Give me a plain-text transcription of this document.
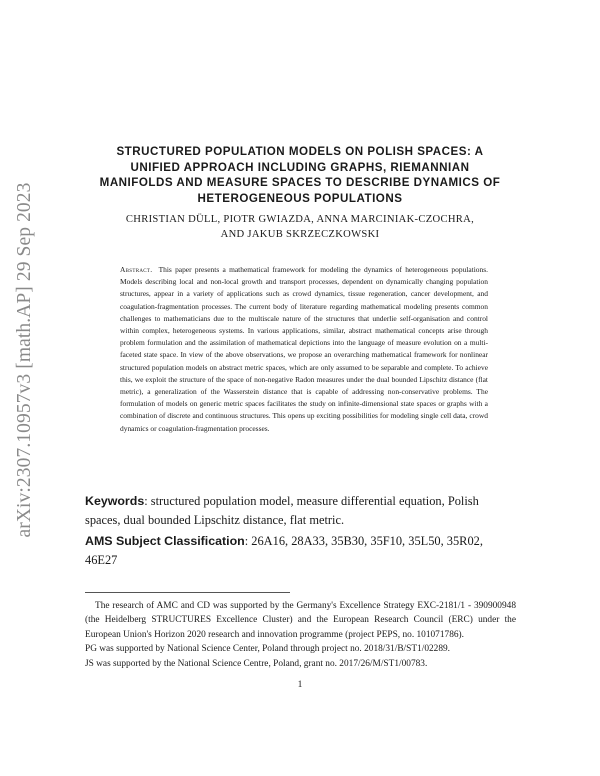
arXiv:2307.10957v3 [math.AP] 29 Sep 2023
STRUCTURED POPULATION MODELS ON POLISH SPACES: A
UNIFIED APPROACH INCLUDING GRAPHS, RIEMANNIAN
MANIFOLDS AND MEASURE SPACES TO DESCRIBE DYNAMICS OF
HETEROGENEOUS POPULATIONS
CHRISTIAN DÜLL, PIOTR GWIAZDA, ANNA MARCINIAK-CZOCHRA,
AND JAKUB SKRZECZKOWSKI
Abstract. This paper presents a mathematical framework for modeling the dynamics of heterogeneous populations. Models describing local and non-local growth and transport processes, dependent on dynamically changing population structures, appear in a variety of applications such as crowd dynamics, tissue regeneration, cancer development, and coagulation-fragmentation processes. The current body of literature regarding mathematical modeling presents common challenges to mathematicians due to the multiscale nature of the structures that underlie self-organisation and control within complex, heterogeneous systems. In various applications, similar, abstract mathematical concepts arise through problem formulation and the assimilation of mathematical depictions into the language of measure evolution on a multi-faceted state space. In view of the above observations, we propose an overarching mathematical framework for nonlinear structured population models on abstract metric spaces, which are only assumed to be separable and complete. To achieve this, we exploit the structure of the space of non-negative Radon measures under the dual bounded Lipschitz distance (flat metric), a generalization of the Wasserstein distance that is capable of addressing non-conservative problems. The formulation of models on generic metric spaces facilitates the study on infinite-dimensional state spaces or graphs with a combination of discrete and continuous structures. This opens up exciting possibilities for modeling single cell data, crowd dynamics or coagulation-fragmentation processes.
Keywords: structured population model, measure differential equation, Polish spaces, dual bounded Lipschitz distance, flat metric.
AMS Subject Classification: 26A16, 28A33, 35B30, 35F10, 35L50, 35R02, 46E27

The research of AMC and CD was supported by the Germany's Excellence Strategy EXC-2181/1 - 390900948 (the Heidelberg STRUCTURES Excellence Cluster) and the European Research Council (ERC) under the European Union's Horizon 2020 research and innovation programme (project PEPS, no. 101071786).

PG was supported by National Science Center, Poland through project no. 2018/31/B/ST1/02289.

JS was supported by the National Science Centre, Poland, grant no. 2017/26/M/ST1/00783.

1
